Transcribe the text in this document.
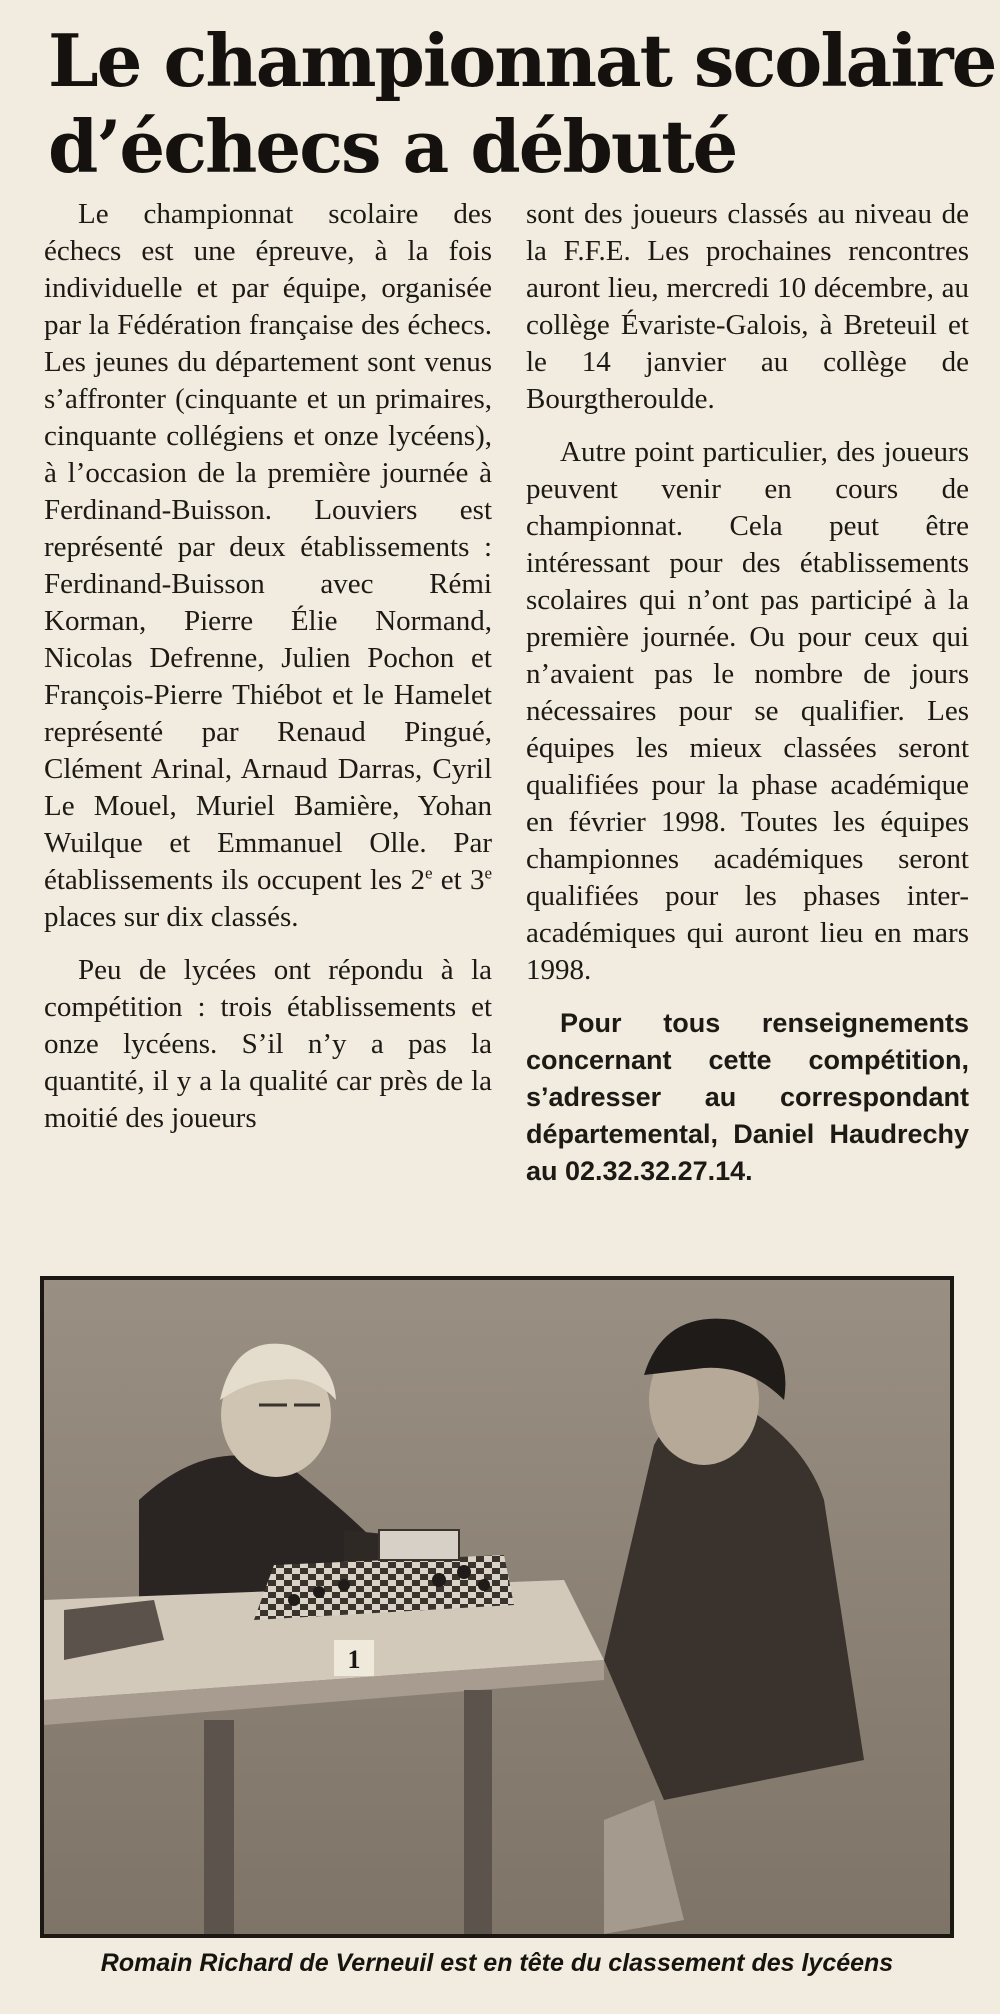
Le championnat scolaire
d’échecs a débuté

Le championnat scolaire des échecs est une épreuve, à la fois individuelle et par équipe, organisée par la Fédération française des échecs. Les jeunes du département sont venus s’affronter (cinquante et un primaires, cinquante collégiens et onze lycéens), à l’occasion de la première journée à Ferdinand-Buisson. Louviers est représenté par deux établissements : Ferdinand-Buisson avec Rémi Korman, Pierre Élie Normand, Nicolas Defrenne, Julien Pochon et François-Pierre Thiébot et le Hamelet représenté par Renaud Pingué, Clément Arinal, Arnaud Darras, Cyril Le Mouel, Muriel Bamière, Yohan Wuilque et Emmanuel Olle. Par établissements ils occupent les 2e et 3e places sur dix classés.

Peu de lycées ont répondu à la compétition : trois établissements et onze lycéens. S’il n’y a pas la quantité, il y a la qualité car près de la moitié des joueurs

sont des joueurs classés au niveau de la F.F.E. Les prochaines rencontres auront lieu, mercredi 10 décembre, au collège Évariste-Galois, à Breteuil et le 14 janvier au collège de Bourgtheroulde.

Autre point particulier, des joueurs peuvent venir en cours de championnat. Cela peut être intéressant pour des établissements scolaires qui n’ont pas participé à la première journée. Ou pour ceux qui n’avaient pas le nombre de jours nécessaires pour se qualifier. Les équipes les mieux classées seront qualifiées pour la phase académique en février 1998. Toutes les équipes championnes académiques seront qualifiées pour les phases inter-académiques qui auront lieu en mars 1998.

Pour tous renseignements concernant cette compétition, s’adresser au correspondant départemental, Daniel Haudrechy au 02.32.32.27.14.

1
Romain Richard de Verneuil est en tête du classement des lycéens
